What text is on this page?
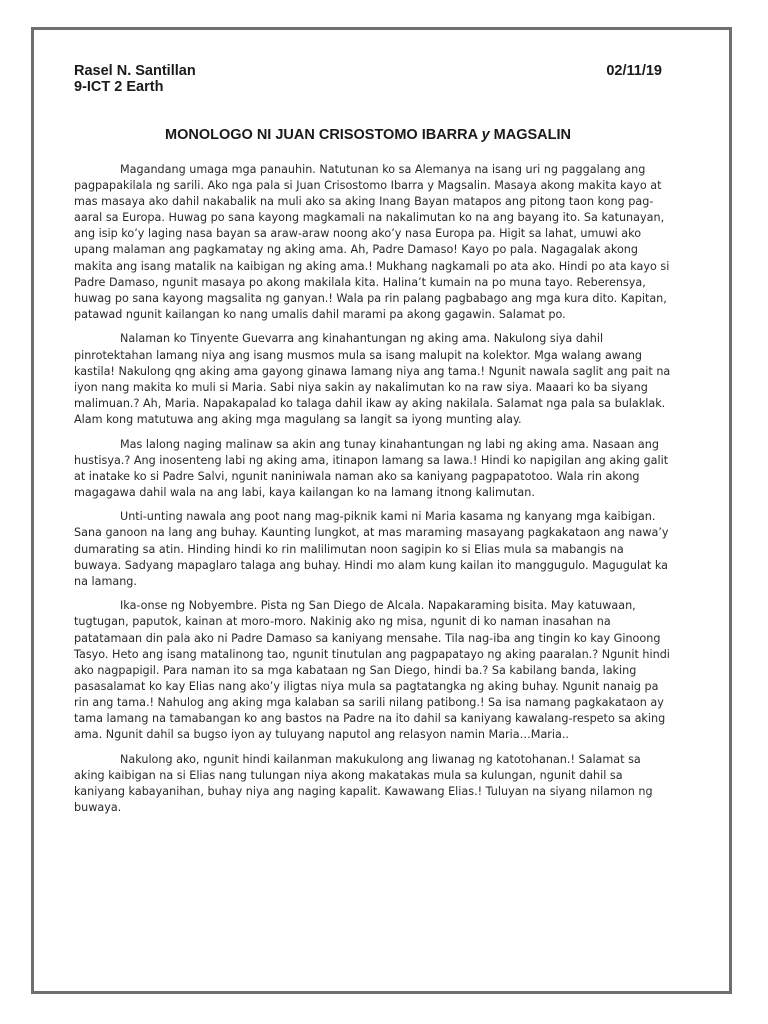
Rasel N. Santillan	02/11/19
9-ICT 2 Earth
MONOLOGO NI JUAN CRISOSTOMO IBARRA y MAGSALIN

Magandang umaga mga panauhin. Natutunan ko sa Alemanya na isang uri ng paggalang ang pagpapakilala ng sarili. Ako nga pala si Juan Crisostomo Ibarra y Magsalin. Masaya akong makita kayo at mas masaya ako dahil nakabalik na muli ako sa aking Inang Bayan matapos ang pitong taon kong pag-aaral sa Europa. Huwag po sana kayong magkamali na nakalimutan ko na ang bayang ito. Sa katunayan, ang isip ko’y laging nasa bayan sa araw-araw noong ako’y nasa Europa pa. Higit sa lahat, umuwi ako upang malaman ang pagkamatay ng aking ama. Ah, Padre Damaso! Kayo po pala. Nagagalak akong makita ang isang matalik na kaibigan ng aking ama.! Mukhang nagkamali po ata ako. Hindi po ata kayo si Padre Damaso, ngunit masaya po akong makilala kita. Halina’t kumain na po muna tayo. Reberensya, huwag po sana kayong magsalita ng ganyan.! Wala pa rin palang pagbabago ang mga kura dito. Kapitan, patawad ngunit kailangan ko nang umalis dahil marami pa akong gagawin. Salamat po.

Nalaman ko Tinyente Guevarra ang kinahantungan ng aking ama. Nakulong siya dahil pinrotektahan lamang niya ang isang musmos mula sa isang malupit na kolektor. Mga walang awang kastila! Nakulong qng aking ama gayong ginawa lamang niya ang tama.! Ngunit nawala saglit ang pait na iyon nang makita ko muli si Maria. Sabi niya sakin ay nakalimutan ko na raw siya. Maaari ko ba siyang malimuan.? Ah, Maria. Napakapalad ko talaga dahil ikaw ay aking nakilala. Salamat nga pala sa bulaklak. Alam kong matutuwa ang aking mga magulang sa langit sa iyong munting alay.

Mas lalong naging malinaw sa akin ang tunay kinahantungan ng labi ng aking ama. Nasaan ang hustisya.? Ang inosenteng labi ng aking ama, itinapon lamang sa lawa.! Hindi ko napigilan ang aking galit at inatake ko si Padre Salvi, ngunit naniniwala naman ako sa kaniyang pagpapatotoo. Wala rin akong magagawa dahil wala na ang labi, kaya kailangan ko na lamang itnong kalimutan.

Unti-unting nawala ang poot nang mag-piknik kami ni Maria kasama ng kanyang mga kaibigan. Sana ganoon na lang ang buhay. Kaunting lungkot, at mas maraming masayang pagkakataon ang nawa’y dumarating sa atin. Hinding hindi ko rin malilimutan noon sagipin ko si Elias mula sa mabangis na buwaya. Sadyang mapaglaro talaga ang buhay. Hindi mo alam kung kailan ito manggugulo. Magugulat ka na lamang.

Ika-onse ng Nobyembre. Pista ng San Diego de Alcala. Napakaraming bisita. May katuwaan, tugtugan, paputok, kainan at moro-moro. Nakinig ako ng misa, ngunit di ko naman inasahan na patatamaan din pala ako ni Padre Damaso sa kaniyang mensahe. Tila nag-iba ang tingin ko kay Ginoong Tasyo. Heto ang isang matalinong tao, ngunit tinutulan ang pagpapatayo ng aking paaralan.? Ngunit hindi ako nagpapigil. Para naman ito sa mga kabataan ng San Diego, hindi ba.? Sa kabilang banda, laking pasasalamat ko kay Elias nang ako’y iligtas niya mula sa pagtatangka ng aking buhay. Ngunit nanaig pa rin ang tama.! Nahulog ang aking mga kalaban sa sarili nilang patibong.! Sa isa namang pagkakataon ay tama lamang na tamabangan ko ang bastos na Padre na ito dahil sa kaniyang kawalang-respeto sa aking ama. Ngunit dahil sa bugso iyon ay tuluyang naputol ang relasyon namin Maria…Maria..

Nakulong ako, ngunit hindi kailanman makukulong ang liwanag ng katotohanan.! Salamat sa aking kaibigan na si Elias nang tulungan niya akong makatakas mula sa kulungan, ngunit dahil sa kaniyang kabayanihan, buhay niya ang naging kapalit. Kawawang Elias.! Tuluyan na siyang nilamon ng buwaya.
